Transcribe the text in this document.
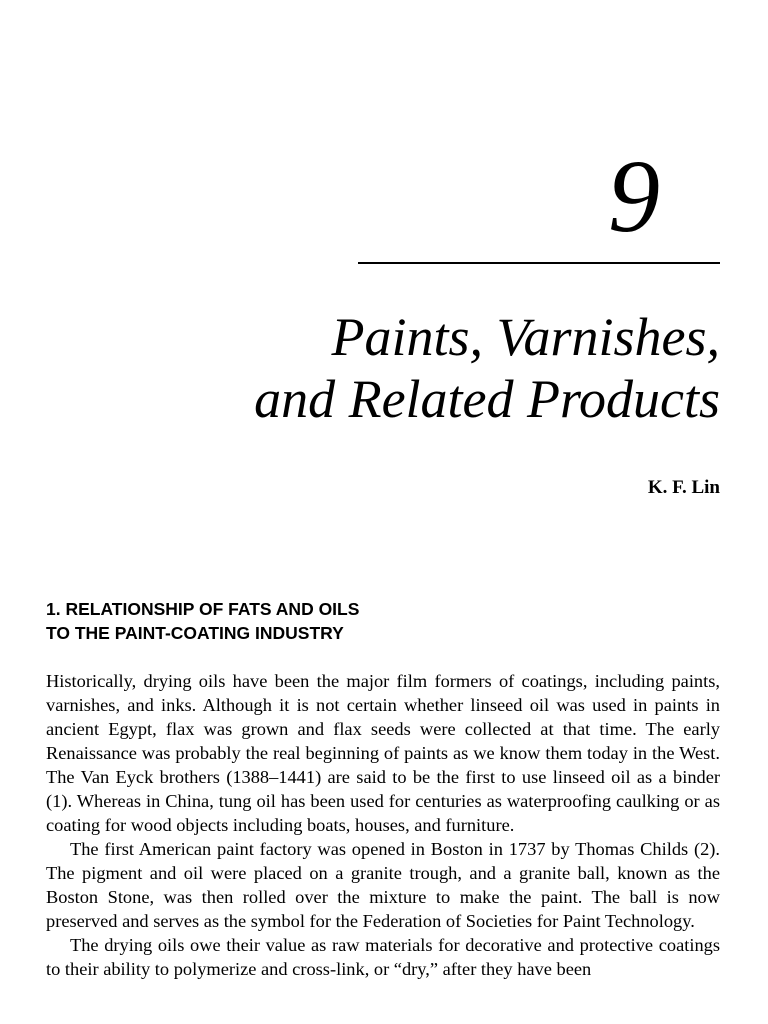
9
Paints, Varnishes,
and Related Products
K. F. Lin
1. RELATIONSHIP OF FATS AND OILS
TO THE PAINT-COATING INDUSTRY

Historically, drying oils have been the major film formers of coatings, including paints, varnishes, and inks. Although it is not certain whether linseed oil was used in paints in ancient Egypt, flax was grown and flax seeds were collected at that time. The early Renaissance was probably the real beginning of paints as we know them today in the West. The Van Eyck brothers (1388–1441) are said to be the first to use linseed oil as a binder (1). Whereas in China, tung oil has been used for centuries as waterproofing caulking or as coating for wood objects including boats, houses, and furniture.

The first American paint factory was opened in Boston in 1737 by Thomas Childs (2). The pigment and oil were placed on a granite trough, and a granite ball, known as the Boston Stone, was then rolled over the mixture to make the paint. The ball is now preserved and serves as the symbol for the Federation of Societies for Paint Technology.

The drying oils owe their value as raw materials for decorative and protective coatings to their ability to polymerize and cross-link, or “dry,” after they have been
